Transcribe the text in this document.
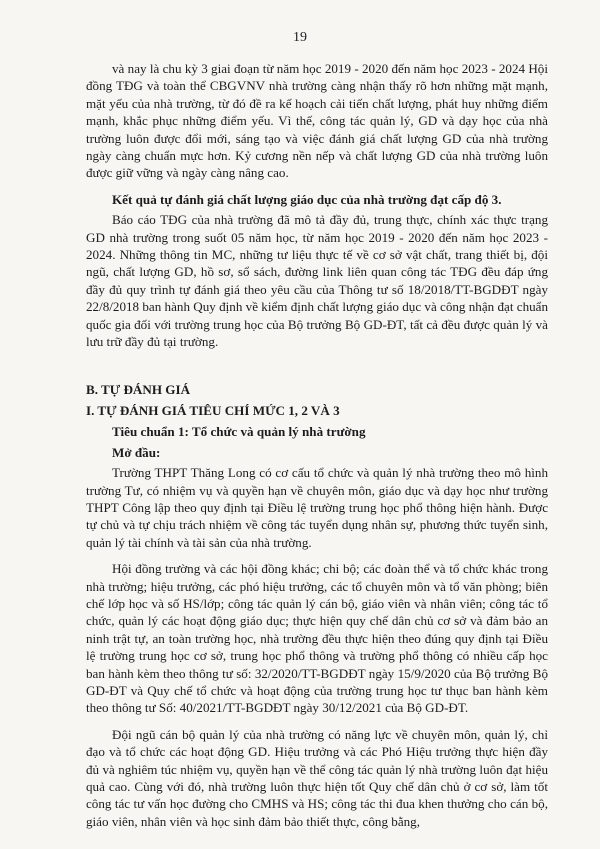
19

và nay là chu kỳ 3 giai đoạn từ năm học 2019 - 2020 đến năm học 2023 - 2024 Hội đồng TĐG và toàn thể CBGVNV nhà trường càng nhận thấy rõ hơn những mặt mạnh, mặt yếu của nhà trường, từ đó đề ra kế hoạch cải tiến chất lượng, phát huy những điểm mạnh, khắc phục những điểm yếu. Vì thế, công tác quản lý, GD và dạy học của nhà trường luôn được đổi mới, sáng tạo và việc đánh giá chất lượng GD của nhà trường ngày càng chuẩn mực hơn. Kỷ cương nền nếp và chất lượng GD của nhà trường luôn được giữ vững và ngày càng nâng cao.

Kết quả tự đánh giá chất lượng giáo dục của nhà trường đạt cấp độ 3.

Báo cáo TĐG của nhà trường đã mô tả đầy đủ, trung thực, chính xác thực trạng GD nhà trường trong suốt 05 năm học, từ năm học 2019 - 2020 đến năm học 2023 - 2024. Những thông tin MC, những tư liệu thực tế về cơ sở vật chất, trang thiết bị, đội ngũ, chất lượng GD, hồ sơ, sổ sách, đường link liên quan công tác TĐG đều đáp ứng đầy đủ quy trình tự đánh giá theo yêu cầu của Thông tư số 18/2018/TT-BGDĐT ngày 22/8/2018 ban hành Quy định về kiểm định chất lượng giáo dục và công nhận đạt chuẩn quốc gia đối với trường trung học của Bộ trưởng Bộ GD-ĐT, tất cả đều được quản lý và lưu trữ đầy đủ tại trường.

B. TỰ ĐÁNH GIÁ

I. TỰ ĐÁNH GIÁ TIÊU CHÍ MỨC 1, 2 VÀ 3

Tiêu chuẩn 1: Tổ chức và quản lý nhà trường

Mở đầu:

Trường THPT Thăng Long có cơ cấu tổ chức và quản lý nhà trường theo mô hình trường Tư, có nhiệm vụ và quyền hạn về chuyên môn, giáo dục và dạy học như trường THPT Công lập theo quy định tại Điều lệ trường trung học phổ thông hiện hành. Được tự chủ và tự chịu trách nhiệm về công tác tuyển dụng nhân sự, phương thức tuyển sinh, quản lý tài chính và tài sản của nhà trường.

Hội đồng trường và các hội đồng khác; chi bộ; các đoàn thể và tổ chức khác trong nhà trường; hiệu trưởng, các phó hiệu trưởng, các tổ chuyên môn và tổ văn phòng; biên chế lớp học và số HS/lớp; công tác quản lý cán bộ, giáo viên và nhân viên; công tác tổ chức, quản lý các hoạt động giáo dục; thực hiện quy chế dân chủ cơ sở và đảm bảo an ninh trật tự, an toàn trường học, nhà trường đều thực hiện theo đúng quy định tại Điều lệ trường trung học cơ sở, trung học phổ thông và trường phổ thông có nhiều cấp học ban hành kèm theo thông tư số: 32/2020/TT-BGDĐT ngày 15/9/2020 của Bộ trưởng Bộ GD-ĐT và Quy chế tổ chức và hoạt động của trường trung học tư thục ban hành kèm theo thông tư Số: 40/2021/TT-BGDĐT ngày 30/12/2021 của Bộ GD-ĐT.

Đội ngũ cán bộ quản lý của nhà trường có năng lực về chuyên môn, quản lý, chỉ đạo và tổ chức các hoạt động GD. Hiệu trưởng và các Phó Hiệu trưởng thực hiện đầy đủ và nghiêm túc nhiệm vụ, quyền hạn về thể công tác quản lý nhà trường luôn đạt hiệu quả cao. Cùng với đó, nhà trường luôn thực hiện tốt Quy chế dân chủ ở cơ sở, làm tốt công tác tư vấn học đường cho CMHS và HS; công tác thi đua khen thưởng cho cán bộ, giáo viên, nhân viên và học sinh đảm bảo thiết thực, công bằng,
